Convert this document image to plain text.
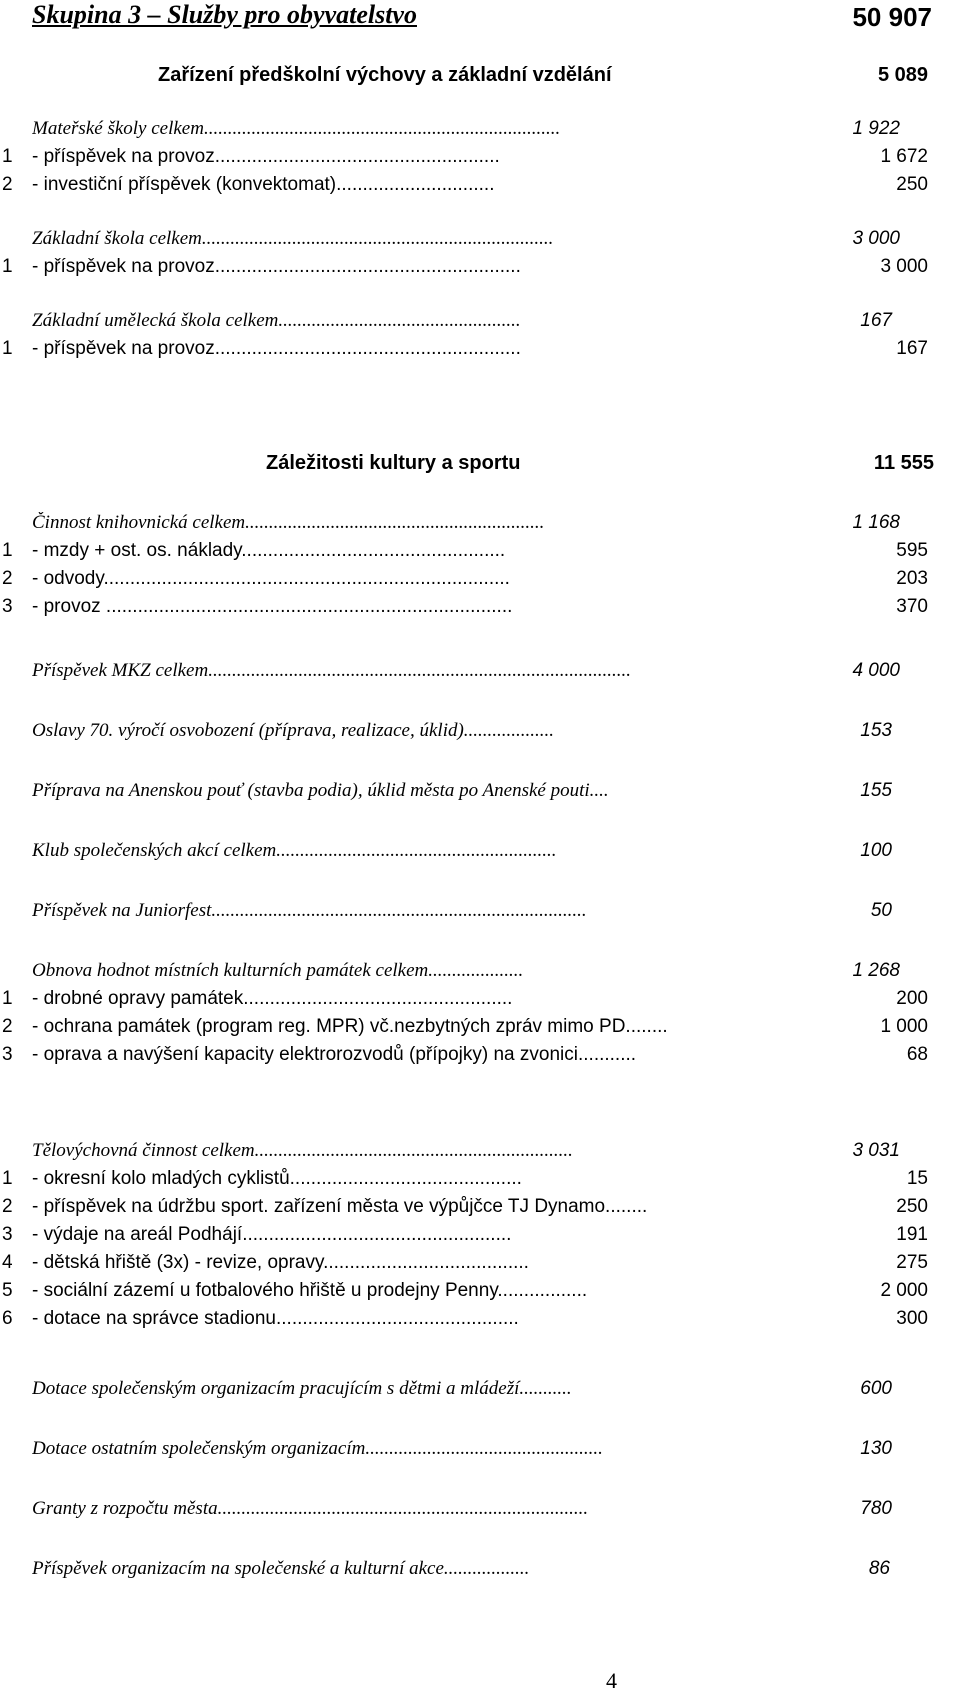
Skupina 3 – Služby pro obyvatelstvo	50 907
Zařízení předškolní výchovy a základní vzdělání	5 089
Mateřské školy celkem...........................................................................	1 922
1 - příspěvek na provoz......................................................	1 672
2 - investiční příspěvek (konvektomat)..............................	250
Základní škola celkem..........................................................................	3 000
1 - příspěvek na provoz..........................................................	3 000
Základní umělecká škola celkem...................................................	167
1 - příspěvek na provoz..........................................................	167
Záležitosti kultury a sportu	11 555
Činnost knihovnická celkem...............................................................	1 168
1 - mzdy + ost. os. náklady..................................................	595
2 - odvody.............................................................................	203
3 - provoz .............................................................................	370
Příspěvek MKZ celkem.........................................................................................	4 000
Oslavy 70. výročí osvobození (příprava, realizace, úklid)...................	153
Příprava na Anenskou pouť (stavba podia), úklid města po Anenské pouti....	155
Klub společenských akcí celkem...........................................................	100
Příspěvek na Juniorfest...............................................................................	50
Obnova hodnot místních kulturních památek celkem....................	1 268
1 - drobné opravy památek...................................................	200
2 - ochrana památek (program reg. MPR) vč.nezbytných zpráv mimo PD........	1 000
3 - oprava a navýšení kapacity elektrorozvodů (přípojky) na zvonici...........	68
Tělovýchovná činnost celkem...................................................................	3 031
1 - okresní kolo mladých cyklistů............................................	15
2 - příspěvek na údržbu sport. zařízení města ve výpůjčce TJ Dynamo........	250
3 - výdaje na areál Podhájí...................................................	191
4 - dětská hřiště (3x) - revize, opravy.......................................	275
5 - sociální zázemí u fotbalového hřiště u prodejny Penny.................	2 000
6 - dotace na správce stadionu..............................................	300
Dotace společenským organizacím pracujícím s dětmi a mládeží...........	600
Dotace ostatním společenským organizacím..................................................	130
Granty z rozpočtu města..............................................................................	780
Příspěvek organizacím na společenské a kulturní akce..................	86
4
